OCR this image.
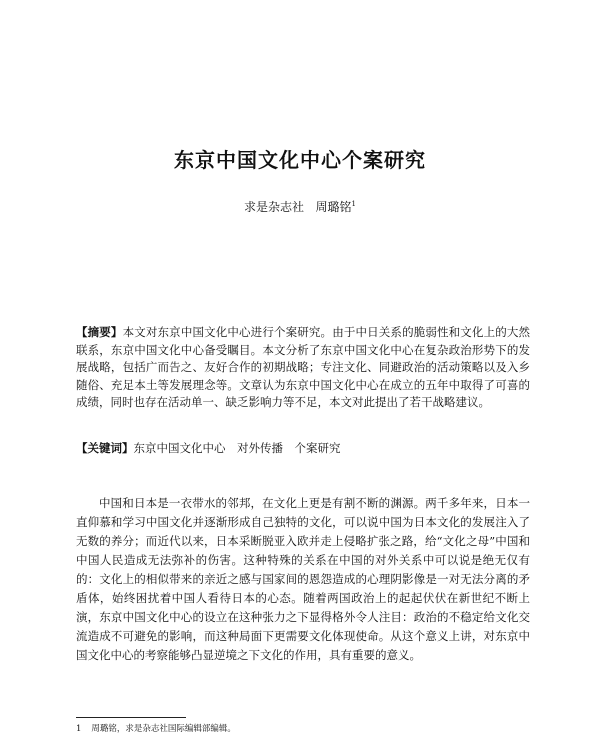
东京中国文化中心个案研究
求是杂志社 周璐铭$^1$
【摘要】本文对东京中国文化中心进行个案研究。由于中日关系的脆弱性和文化上的大然联系，东京中国文化中心备受瞩目。本文分析了东京中国文化中心在复杂政治形势下的发展战略，包括广而告之、友好合作的初期战略；专注文化、同避政治的活动策略以及入乡随俗、充足本土等发展理念等。文章认为东京中国文化中心在成立的五年中取得了可喜的成绩，同时也存在活动单一、缺乏影响力等不足，本文对此提出了若干战略建议。
【关键词】东京中国文化中心　对外传播　个案研究
中国和日本是一衣带水的邻邦，在文化上更是有割不断的渊源。两千多年来，日本一直仰慕和学习中国文化并逐渐形成自己独特的文化，可以说中国为日本文化的发展注入了无数的养分；而近代以来，日本采断脱亚入欧并走上侵略扩张之路，给“文化之母”中国和中国人民造成无法弥补的伤害。这种特殊的关系在中国的对外关系中可以说是绝无仅有的：文化上的相似带来的亲近之感与国家间的恩怨造成的心理阴影像是一对无法分离的矛盾体，始终困扰着中国人看待日本的心态。随着两国政治上的起起伏伏在新世纪不断上演，东京中国文化中心的设立在这种张力之下显得格外令人注目：政治的不稳定给文化交流造成不可避免的影响，而这种局面下更需要文化体现使命。从这个意义上讲，对东京中国文化中心的考察能够凸显逆境之下文化的作用，具有重要的意义。
1 周璐铭，求是杂志社国际编辑部编辑。
